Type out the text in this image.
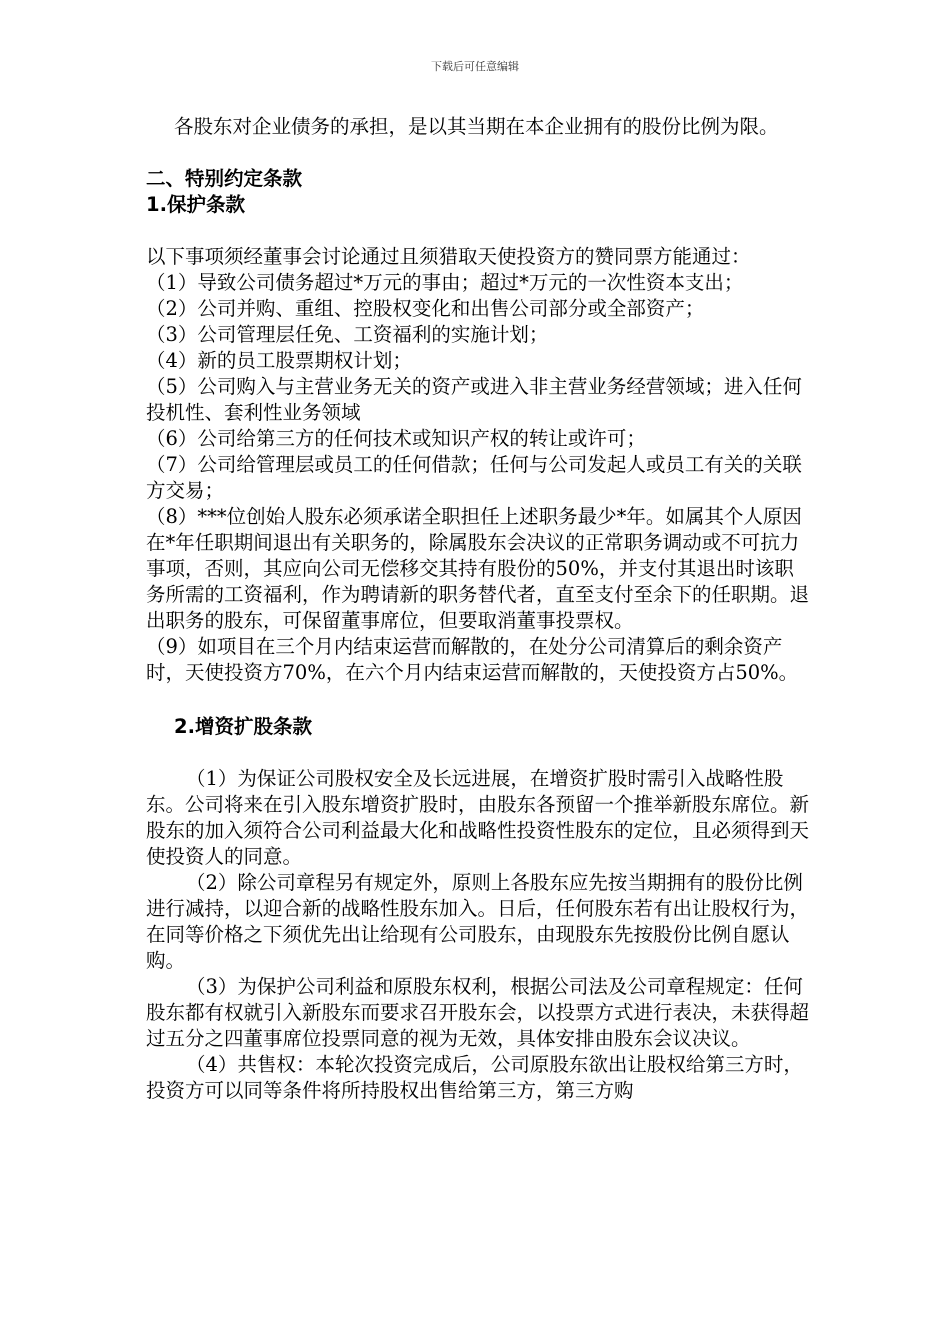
下载后可任意编辑

各股东对企业债务的承担，是以其当期在本企业拥有的股份比例为限。

二、特别约定条款
1.保护条款

以下事项须经董事会讨论通过且须猎取天使投资方的赞同票方能通过：

（1）导致公司债务超过*万元的事由；超过*万元的一次性资本支出；

（2）公司并购、重组、控股权变化和出售公司部分或全部资产；

（3）公司管理层任免、工资福利的实施计划；

（4）新的员工股票期权计划；

（5）公司购入与主营业务无关的资产或进入非主营业务经营领域；进入任何投机性、套利性业务领域

（6）公司给第三方的任何技术或知识产权的转让或许可；

（7）公司给管理层或员工的任何借款；任何与公司发起人或员工有关的关联方交易；

（8）***位创始人股东必须承诺全职担任上述职务最少*年。如属其个人原因在*年任职期间退出有关职务的，除属股东会决议的正常职务调动或不可抗力事项，否则，其应向公司无偿移交其持有股份的50%，并支付其退出时该职务所需的工资福利，作为聘请新的职务替代者，直至支付至余下的任职期。退出职务的股东，可保留董事席位，但要取消董事投票权。

（9）如项目在三个月内结束运营而解散的，在处分公司清算后的剩余资产时，天使投资方70%，在六个月内结束运营而解散的，天使投资方占50%。

2.增资扩股条款

（1）为保证公司股权安全及长远进展，在增资扩股时需引入战略性股东。公司将来在引入股东增资扩股时，由股东各预留一个推举新股东席位。新股东的加入须符合公司利益最大化和战略性投资性股东的定位，且必须得到天使投资人的同意。

（2）除公司章程另有规定外，原则上各股东应先按当期拥有的股份比例进行减持，以迎合新的战略性股东加入。日后，任何股东若有出让股权行为，在同等价格之下须优先出让给现有公司股东，由现股东先按股份比例自愿认购。

（3）为保护公司利益和原股东权利，根据公司法及公司章程规定：任何股东都有权就引入新股东而要求召开股东会，以投票方式进行表决，未获得超过五分之四董事席位投票同意的视为无效，具体安排由股东会议决议。

（4）共售权：本轮次投资完成后，公司原股东欲出让股权给第三方时，投资方可以同等条件将所持股权出售给第三方，第三方购
